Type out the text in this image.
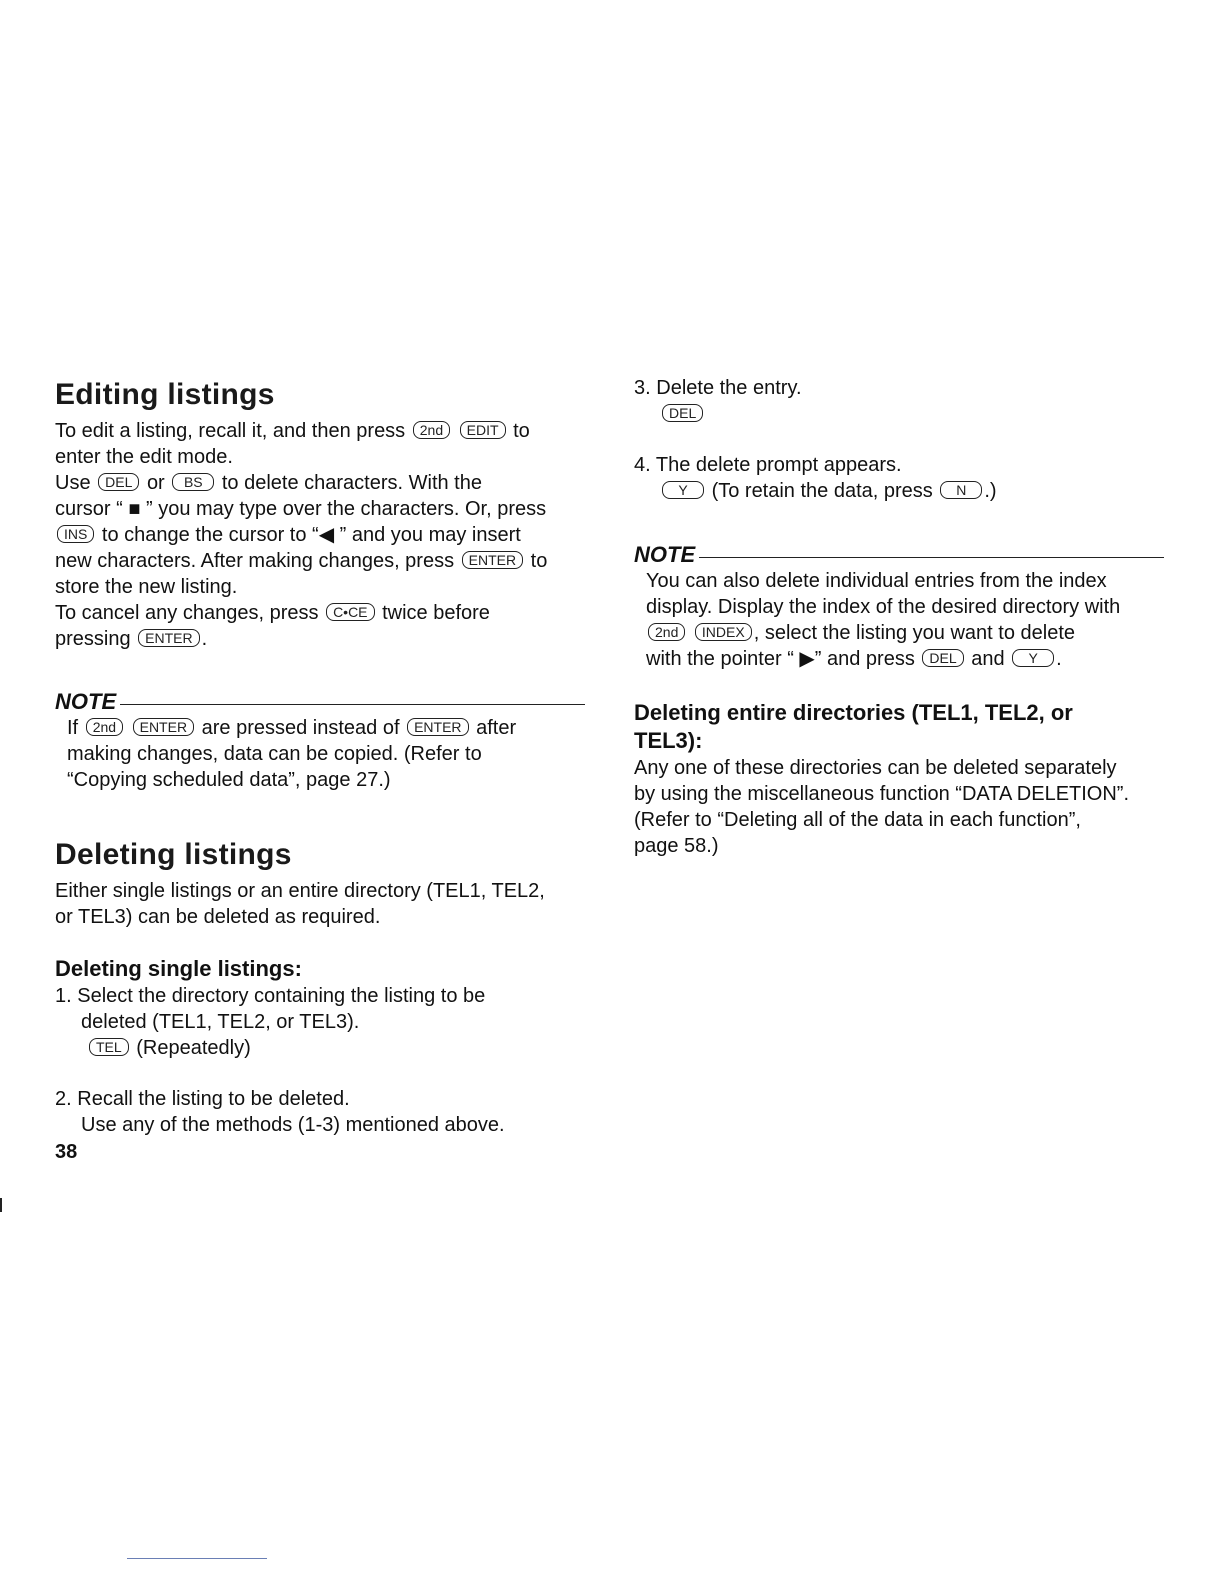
Editing listings
To edit a listing, recall it, and then press 2nd EDIT to
enter the edit mode.
Use DEL or BS to delete characters. With the
cursor “ ■ ” you may type over the characters. Or, press
INS to change the cursor to “◀ ” and you may insert
new characters. After making changes, press ENTER to
store the new listing.
To cancel any changes, press C•CE twice before
pressing ENTER .
NOTE
If 2nd ENTER are pressed instead of ENTER after
making changes, data can be copied. (Refer to
“Copying scheduled data”, page 27.)
Deleting listings
Either single listings or an entire directory (TEL1, TEL2,
or TEL3) can be deleted as required.
Deleting single listings:
1. Select the directory containing the listing to be
deleted (TEL1, TEL2, or TEL3).
TEL (Repeatedly)
2. Recall the listing to be deleted.
Use any of the methods (1-3) mentioned above.
38
3. Delete the entry.
DEL
4. The delete prompt appears.
Y (To retain the data, press N .)
NOTE
You can also delete individual entries from the index
display. Display the index of the desired directory with
2nd INDEX , select the listing you want to delete
with the pointer “ ▶” and press DEL and Y .
Deleting entire directories (TEL1, TEL2, or
TEL3):
Any one of these directories can be deleted separately
by using the miscellaneous function “DATA DELETION”.
(Refer to “Deleting all of the data in each function”,
page 58.)
